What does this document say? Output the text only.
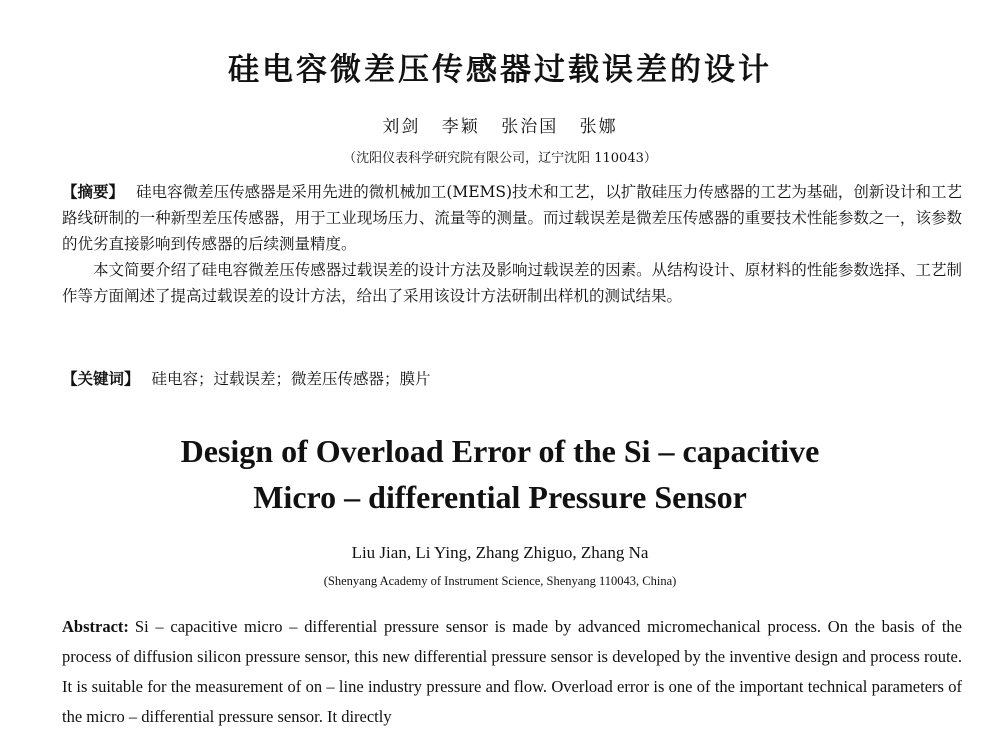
硅电容微差压传感器过载误差的设计
刘剑 李颖 张治国 张娜
（沈阳仪表科学研究院有限公司，辽宁沈阳 110043）
【摘要】 硅电容微差压传感器是采用先进的微机械加工(MEMS)技术和工艺，以扩散硅压力传感器的工艺为基础，创新设计和工艺路线研制的一种新型差压传感器，用于工业现场压力、流量等的测量。而过载误差是微差压传感器的重要技术性能参数之一，该参数的优劣直接影响到传感器的后续测量精度。
本文简要介绍了硅电容微差压传感器过载误差的设计方法及影响过载误差的因素。从结构设计、原材料的性能参数选择、工艺制作等方面阐述了提高过载误差的设计方法，给出了采用该设计方法研制出样机的测试结果。
【关键词】 硅电容；过载误差；微差压传感器；膜片
Design of Overload Error of the Si – capacitive
Micro – differential Pressure Sensor
Liu Jian, Li Ying, Zhang Zhiguo, Zhang Na
(Shenyang Academy of Instrument Science, Shenyang 110043, China)
Abstract: Si – capacitive micro – differential pressure sensor is made by advanced micromechanical process. On the basis of the process of diffusion silicon pressure sensor, this new differential pressure sensor is developed by the inventive design and process route. It is suitable for the measurement of on – line industry pressure and flow. Overload error is one of the important technical parameters of the micro – differential pressure sensor. It directly
